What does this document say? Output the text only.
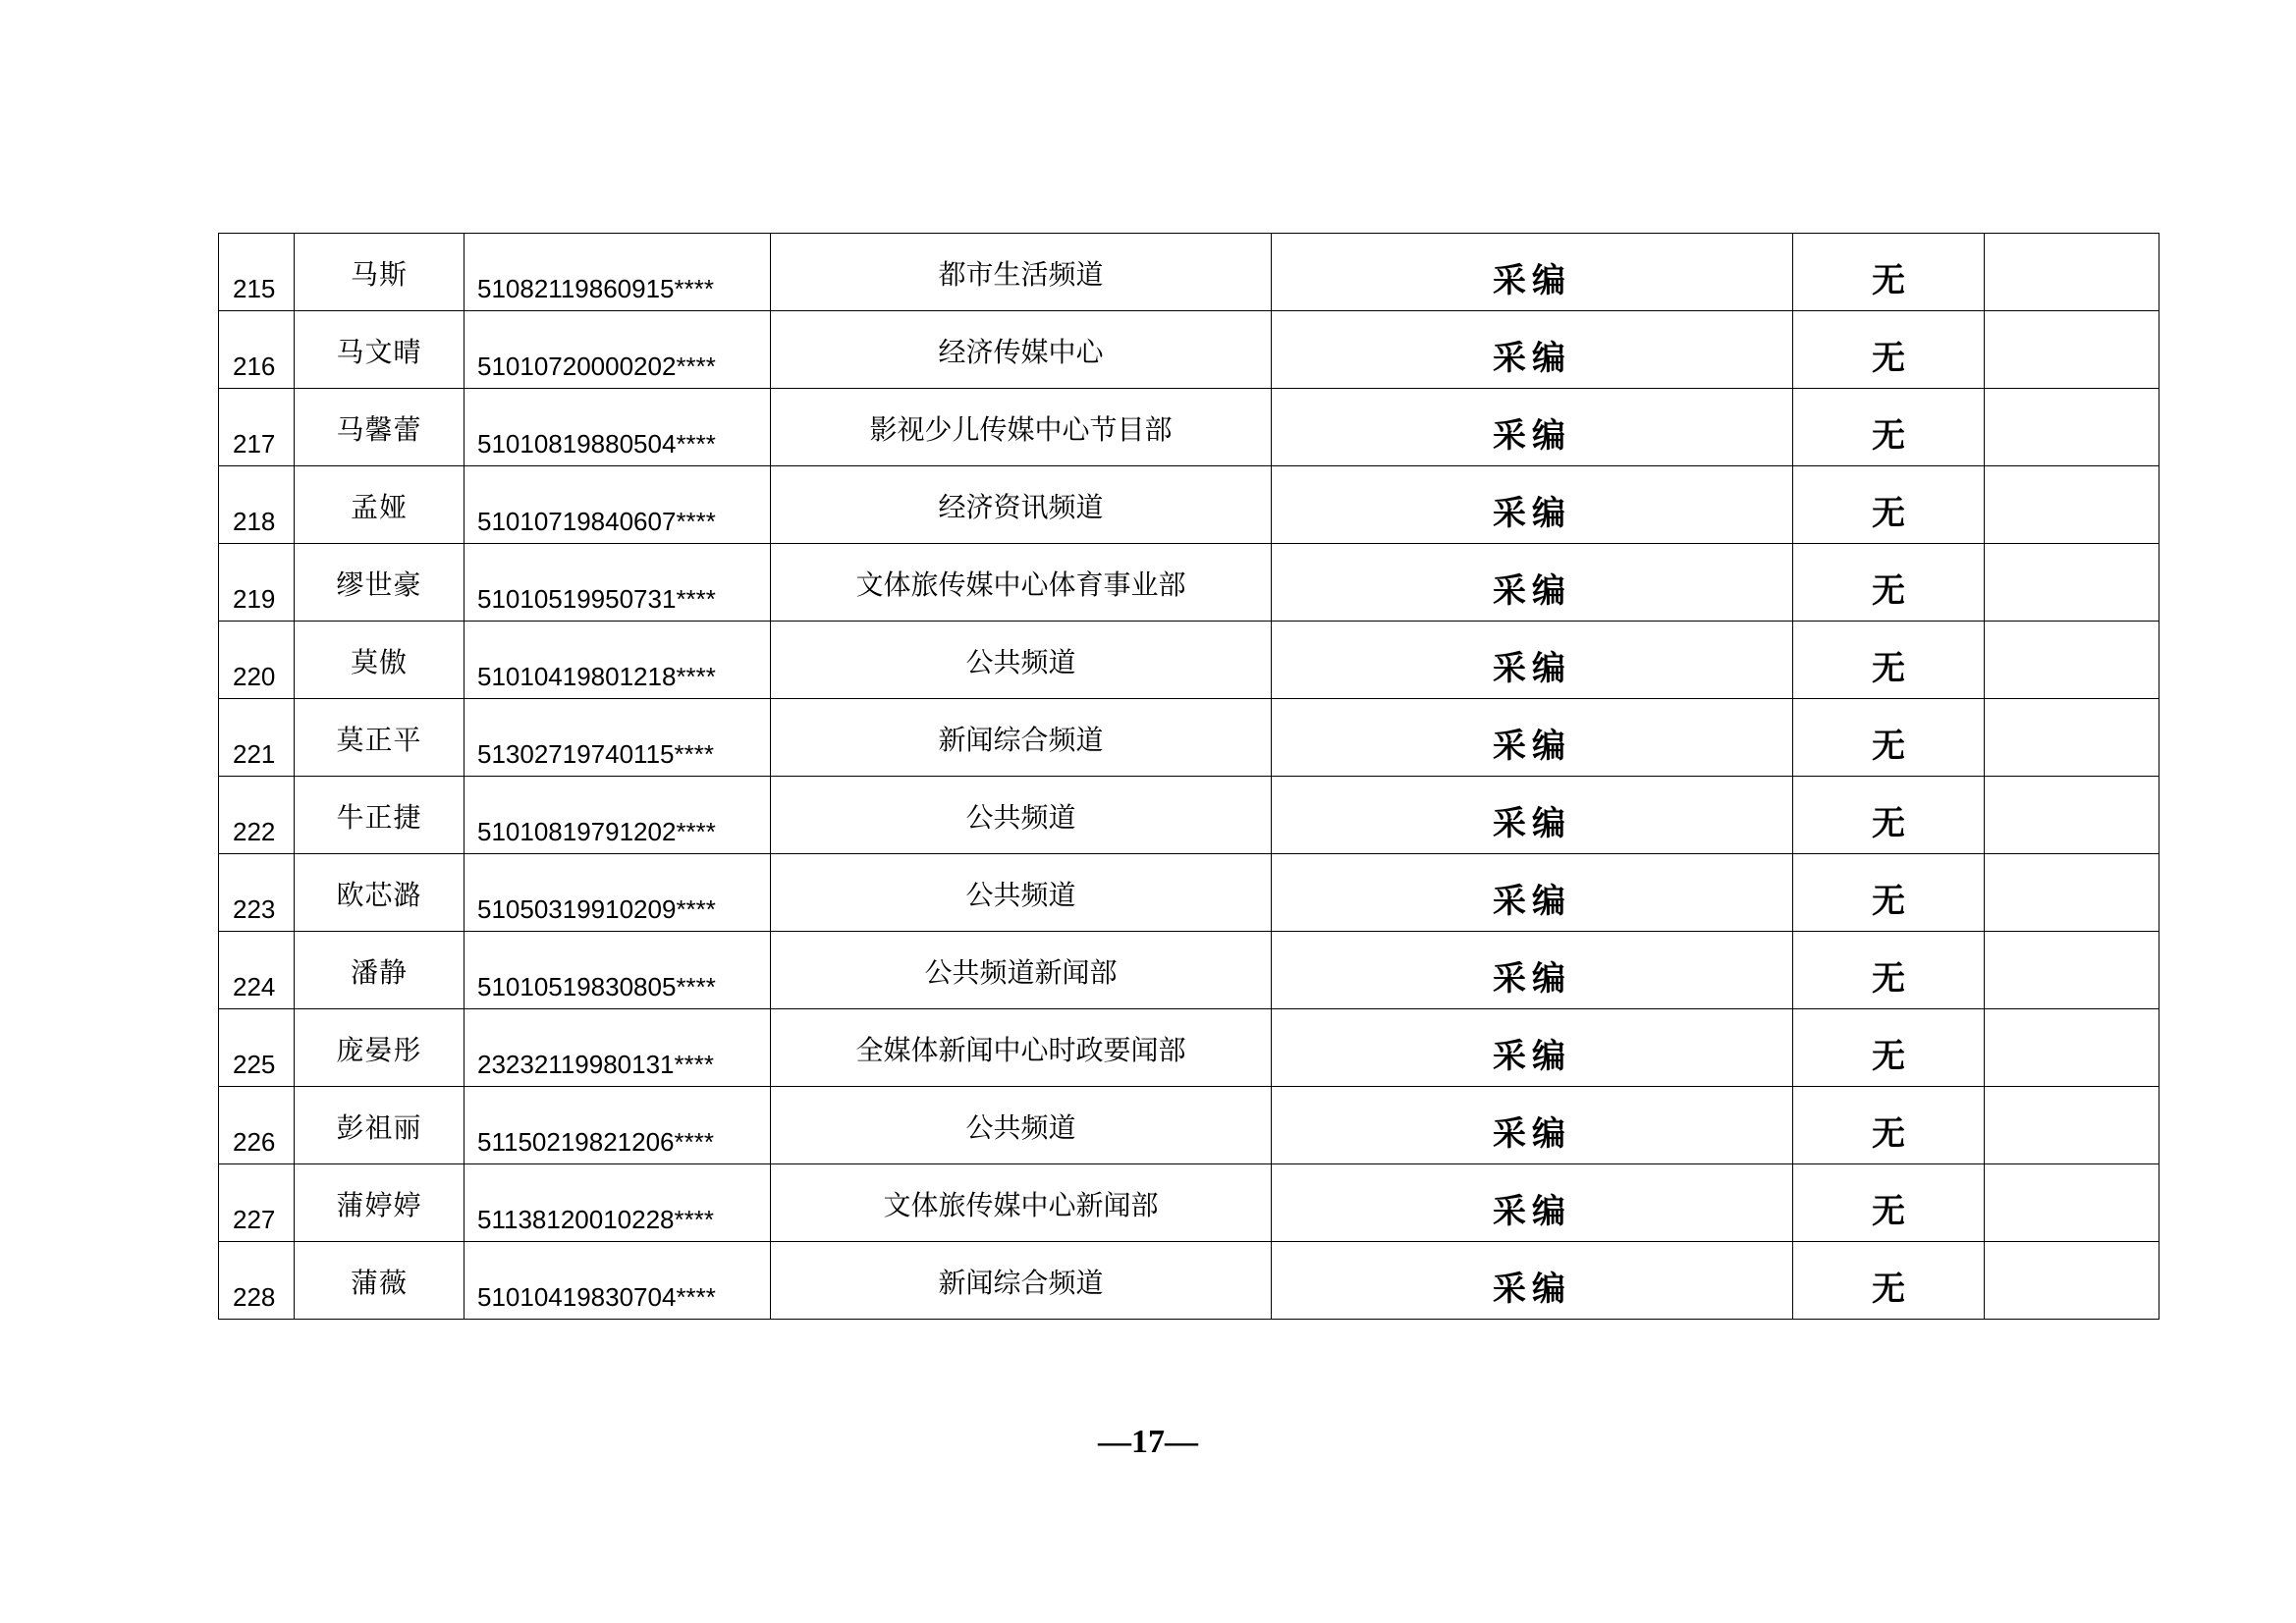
215	马斯	51082119860915****	都市生活频道	采编	无	

216	马文晴	51010720000202****	经济传媒中心	采编	无	

217	马馨蕾	51010819880504****	影视少儿传媒中心节目部	采编	无	

218	孟娅	51010719840607****	经济资讯频道	采编	无	

219	缪世豪	51010519950731****	文体旅传媒中心体育事业部	采编	无	

220	莫傲	51010419801218****	公共频道	采编	无	

221	莫正平	51302719740115****	新闻综合频道	采编	无	

222	牛正捷	51010819791202****	公共频道	采编	无	

223	欧芯潞	51050319910209****	公共频道	采编	无	

224	潘静	51010519830805****	公共频道新闻部	采编	无	

225	庞晏彤	23232119980131****	全媒体新闻中心时政要闻部	采编	无	

226	彭祖丽	51150219821206****	公共频道	采编	无	

227	蒲婷婷	51138120010228****	文体旅传媒中心新闻部	采编	无	

228	蒲薇	51010419830704****	新闻综合频道	采编	无	

—17—
